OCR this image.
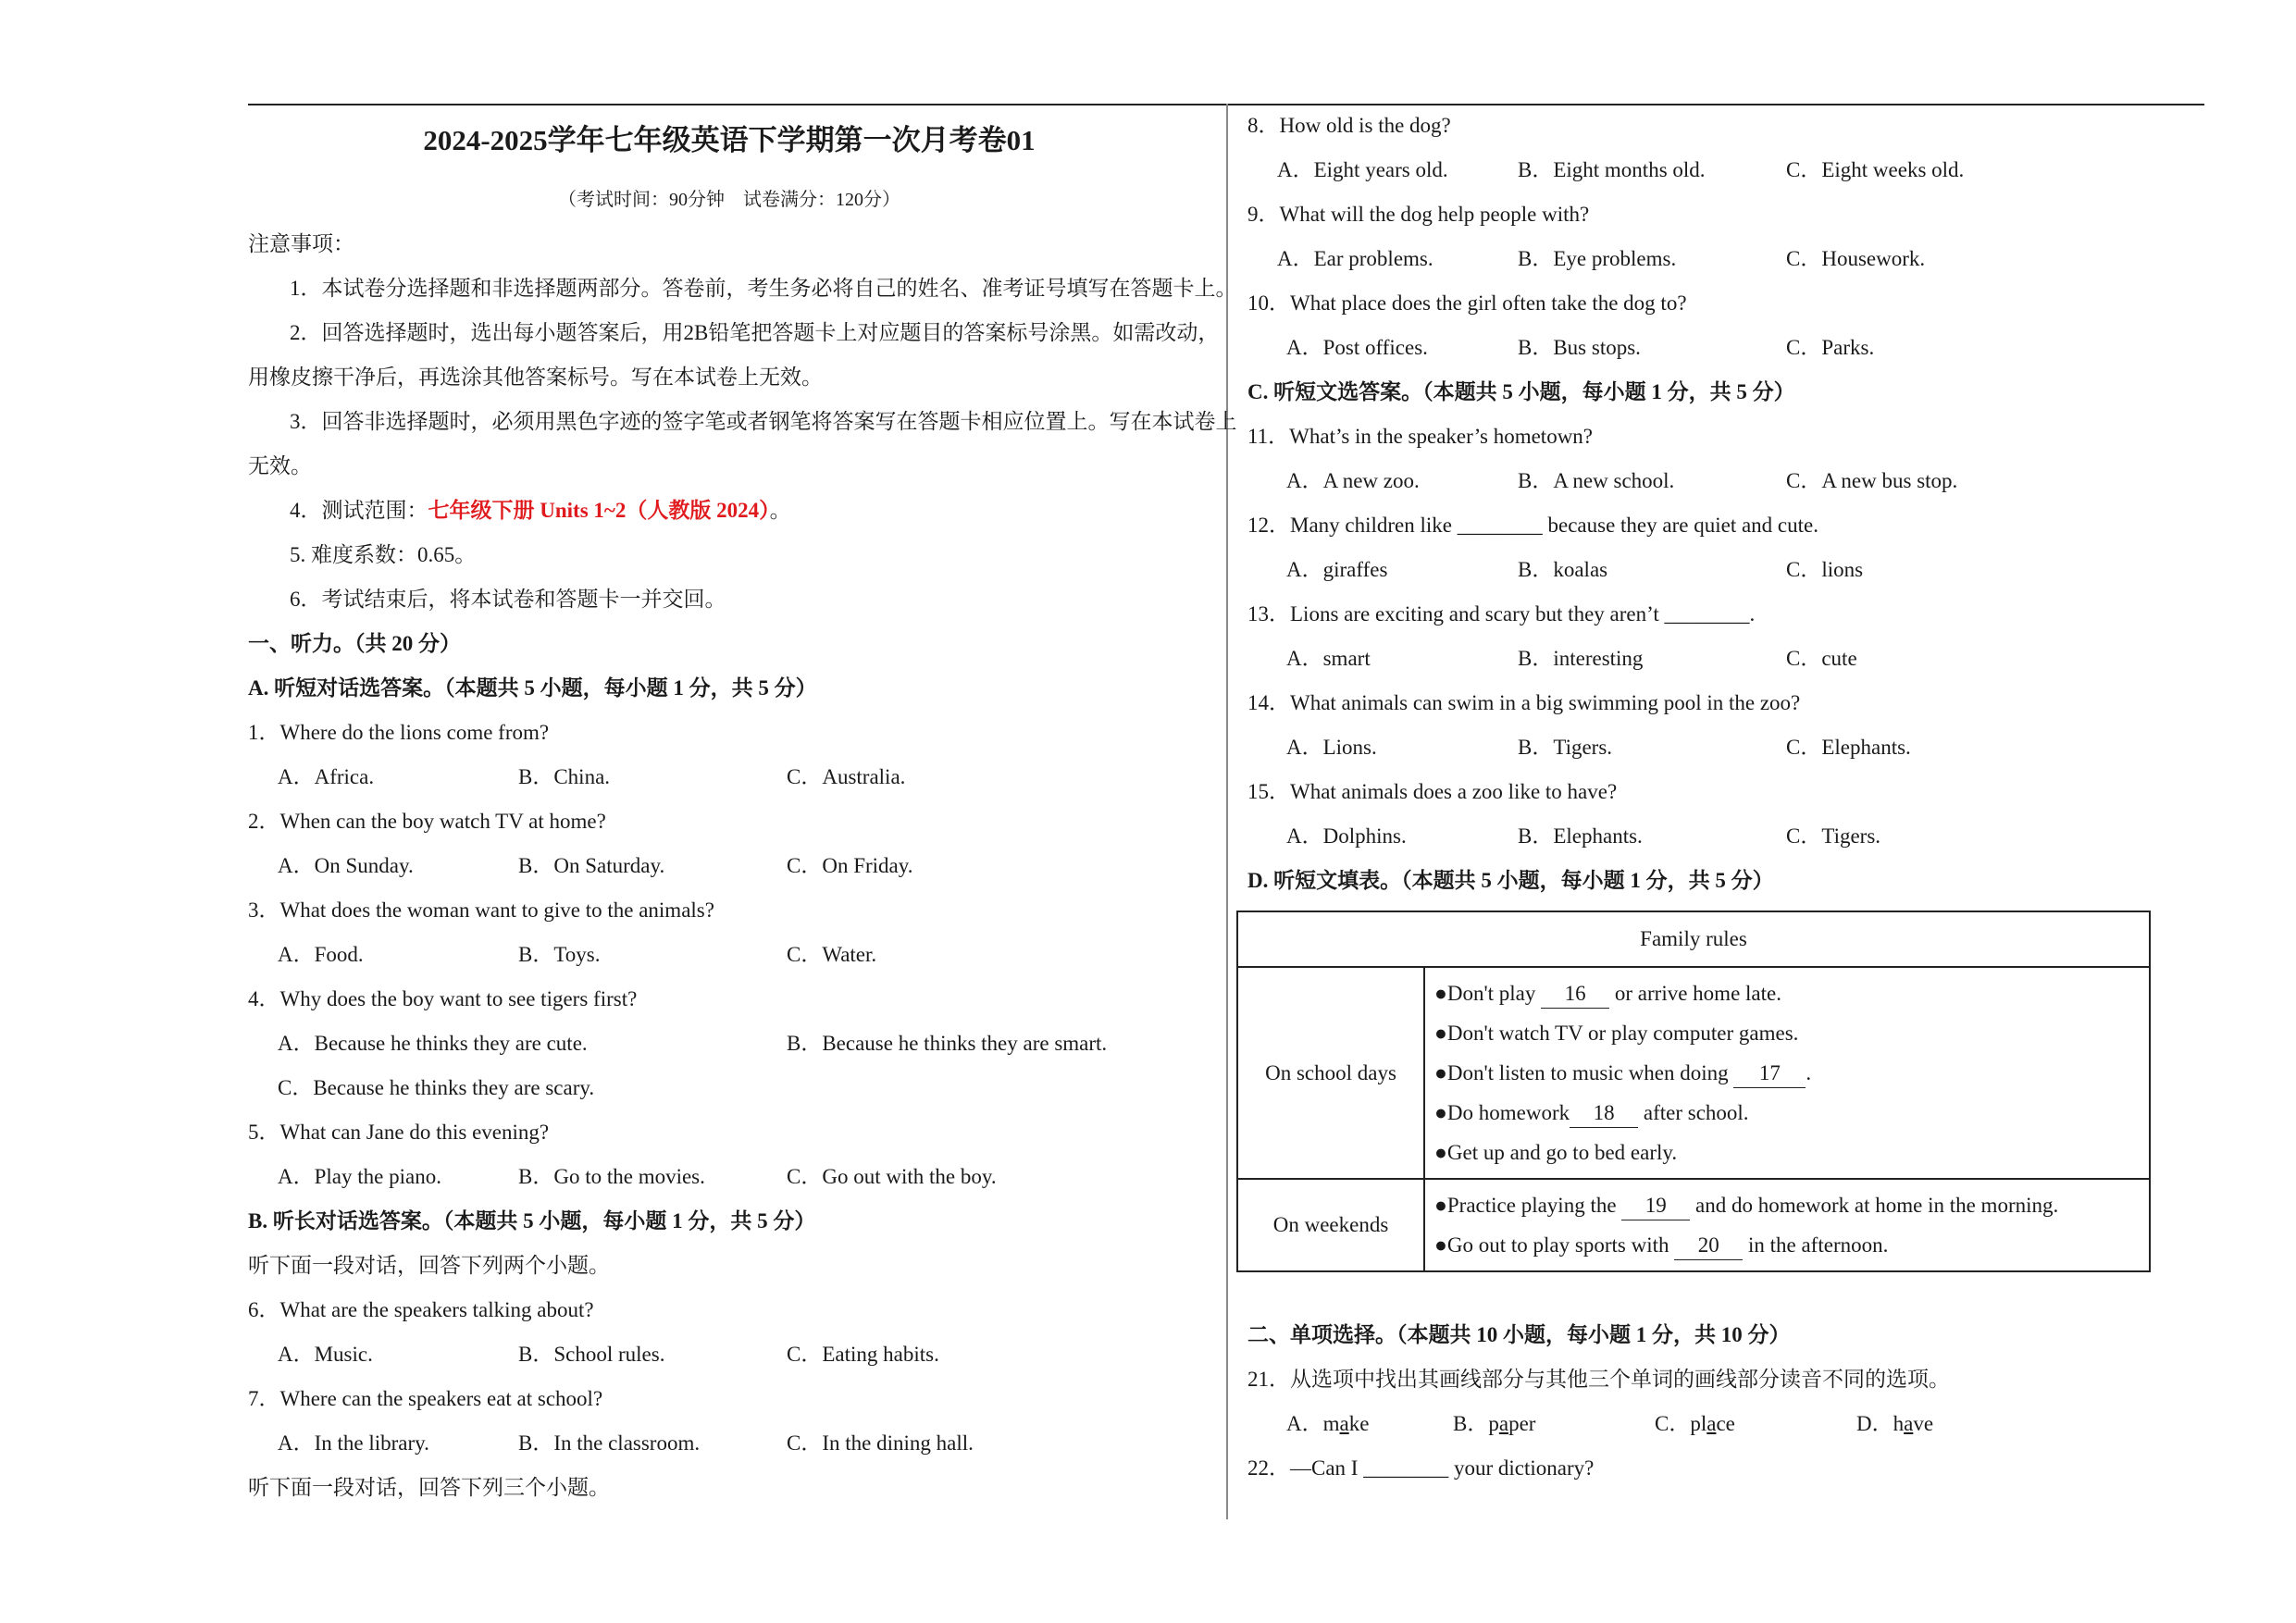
2024-2025学年七年级英语下学期第一次月考卷01
（考试时间：90分钟　试卷满分：120分）
注意事项：
1．本试卷分选择题和非选择题两部分。答卷前，考生务必将自己的姓名、准考证号填写在答题卡上。
2．回答选择题时，选出每小题答案后，用2B铅笔把答题卡上对应题目的答案标号涂黑。如需改动，
用橡皮擦干净后，再选涂其他答案标号。写在本试卷上无效。
3．回答非选择题时，必须用黑色字迹的签字笔或者钢笔将答案写在答题卡相应位置上。写在本试卷上
无效。
4．测试范围：七年级下册 Units 1~2（人教版 2024）。
5. 难度系数：0.65。
6．考试结束后，将本试卷和答题卡一并交回。
一、听力。（共 20 分）
A. 听短对话选答案。（本题共 5 小题，每小题 1 分，共 5 分）
1．Where do the lions come from?
A．Africa.	B．China.	C．Australia.
2．When can the boy watch TV at home?
A．On Sunday.	B．On Saturday.	C．On Friday.
3．What does the woman want to give to the animals?
A．Food.	B．Toys.	C．Water.
4．Why does the boy want to see tigers first?
A．Because he thinks they are cute.	B．Because he thinks they are smart.
C．Because he thinks they are scary.
5．What can Jane do this evening?
A．Play the piano.	B．Go to the movies.	C．Go out with the boy.
B. 听长对话选答案。（本题共 5 小题，每小题 1 分，共 5 分）
听下面一段对话，回答下列两个小题。
6．What are the speakers talking about?
A．Music.	B．School rules.	C．Eating habits.
7．Where can the speakers eat at school?
A．In the library.	B．In the classroom.	C．In the dining hall.
听下面一段对话，回答下列三个小题。
8．How old is the dog?
A．Eight years old.	B．Eight months old.	C．Eight weeks old.
9．What will the dog help people with?
A．Ear problems.	B．Eye problems.	C．Housework.
10．What place does the girl often take the dog to?
A．Post offices.	B．Bus stops.	C．Parks.
C. 听短文选答案。（本题共 5 小题，每小题 1 分，共 5 分）
11．What’s in the speaker’s hometown?
A．A new zoo.	B．A new school.	C．A new bus stop.
12．Many children like ________ because they are quiet and cute.
A．giraffes	B．koalas	C．lions
13．Lions are exciting and scary but they aren’t ________.
A．smart	B．interesting	C．cute
14．What animals can swim in a big swimming pool in the zoo?
A．Lions.	B．Tigers.	C．Elephants.
15．What animals does a zoo like to have?
A．Dolphins.	B．Elephants.	C．Tigers.
D. 听短文填表。（本题共 5 小题，每小题 1 分，共 5 分）
Family rules	
On school days	●Don't play 16 or arrive home late.
●Don't watch TV or play computer games.
●Don't listen to music when doing 17 .
●Do homework 18 after school.
●Get up and go to bed early.

On weekends	●Practice playing the 19 and do homework at home in the morning.
●Go out to play sports with 20 in the afternoon.
二、单项选择。（本题共 10 小题，每小题 1 分，共 10 分）
21．从选项中找出其画线部分与其他三个单词的画线部分读音不同的选项。
A．make	B．paper	C．place	D．have
22．—Can I ________ your dictionary?
